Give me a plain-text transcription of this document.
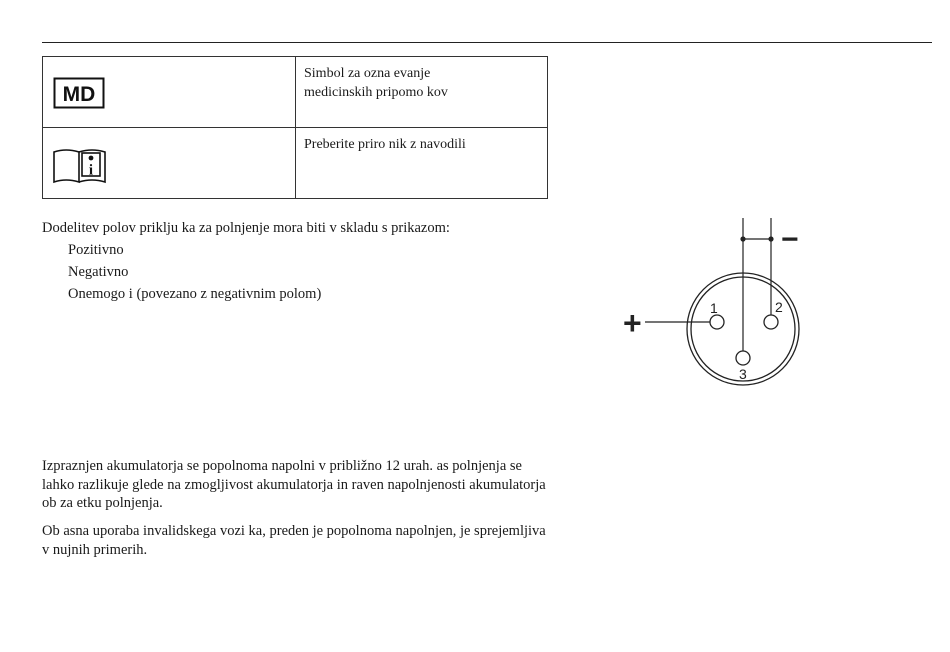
MD	Simbol za ozna evanje
medicinskih pripomo kov

i	Preberite priro nik z navodili
Dodelitev polov priklju ka za polnjenje mora biti v skladu s prikazom:
Pozitivno
Negativno
Onemogo i (povezano z negativnim polom)
1	2
3
+
−
Izpraznjen akumulatorja se popolnoma napolni v približno 12 urah. as polnjenja se lahko razlikuje glede na zmogljivost akumulatorja in raven napolnjenosti akumulatorja ob za etku polnjenja.
Ob asna uporaba invalidskega vozi ka, preden je popolnoma napolnjen, je sprejemljiva v nujnih primerih.
